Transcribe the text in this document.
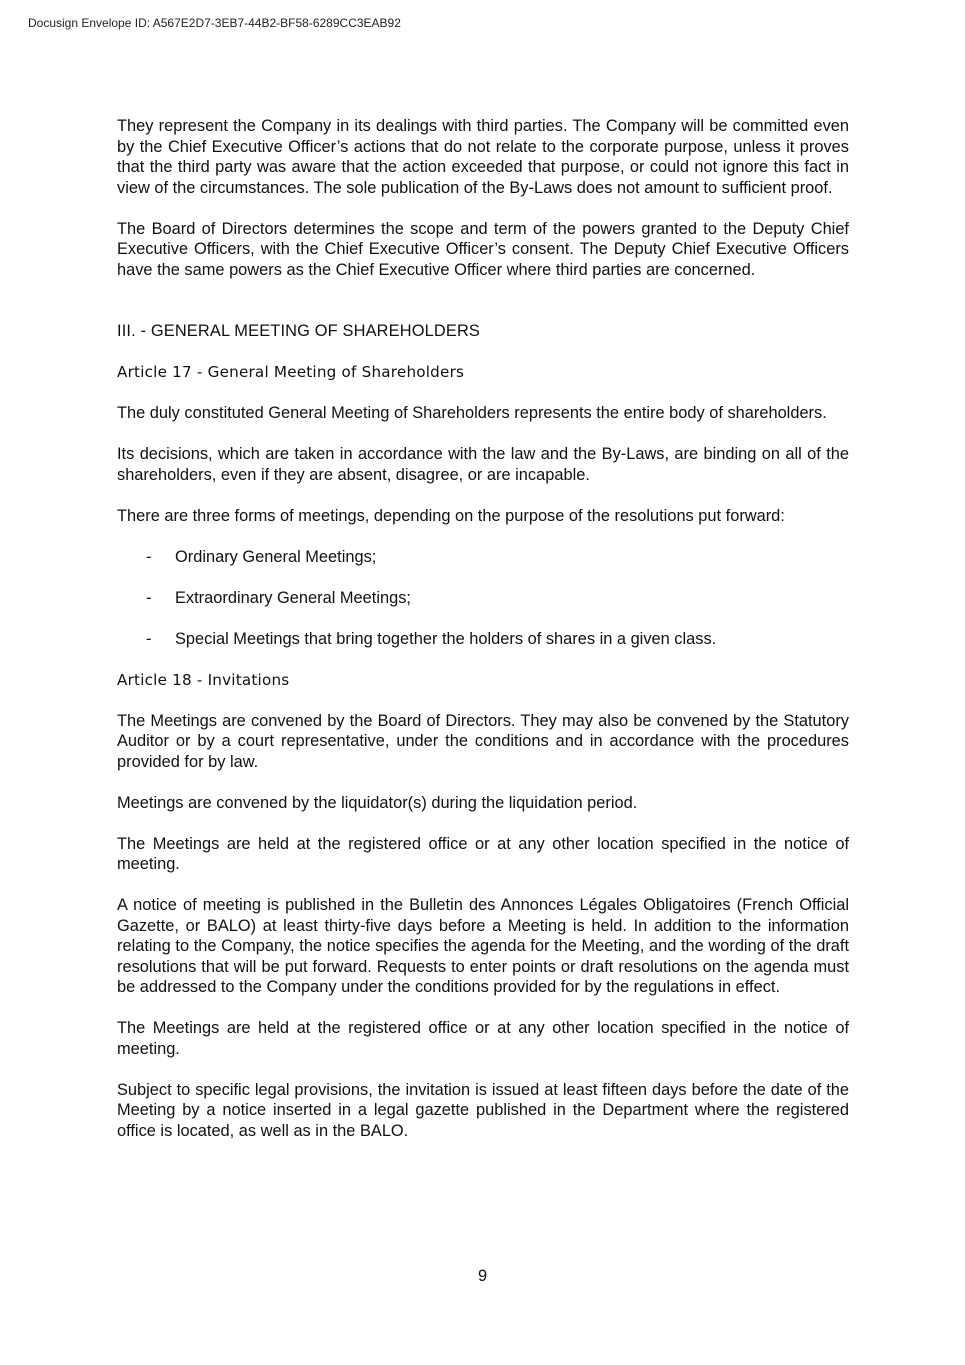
Docusign Envelope ID: A567E2D7-3EB7-44B2-BF58-6289CC3EAB92

They represent the Company in its dealings with third parties. The Company will be committed even by the Chief Executive Officer’s actions that do not relate to the corporate purpose, unless it proves that the third party was aware that the action exceeded that purpose, or could not ignore this fact in view of the circumstances. The sole publication of the By-Laws does not amount to sufficient proof.

The Board of Directors determines the scope and term of the powers granted to the Deputy Chief Executive Officers, with the Chief Executive Officer’s consent. The Deputy Chief Executive Officers have the same powers as the Chief Executive Officer where third parties are concerned.

III. - GENERAL MEETING OF SHAREHOLDERS
Article 17 - General Meeting of Shareholders

The duly constituted General Meeting of Shareholders represents the entire body of shareholders.

Its decisions, which are taken in accordance with the law and the By-Laws, are binding on all of the shareholders, even if they are absent, disagree, or are incapable.

There are three forms of meetings, depending on the purpose of the resolutions put forward:

- Ordinary General Meetings;
- Extraordinary General Meetings;
- Special Meetings that bring together the holders of shares in a given class.
Article 18 - Invitations

The Meetings are convened by the Board of Directors. They may also be convened by the Statutory Auditor or by a court representative, under the conditions and in accordance with the procedures provided for by law.

Meetings are convened by the liquidator(s) during the liquidation period.

The Meetings are held at the registered office or at any other location specified in the notice of meeting.

A notice of meeting is published in the Bulletin des Annonces Légales Obligatoires (French Official Gazette, or BALO) at least thirty-five days before a Meeting is held. In addition to the information relating to the Company, the notice specifies the agenda for the Meeting, and the wording of the draft resolutions that will be put forward. Requests to enter points or draft resolutions on the agenda must be addressed to the Company under the conditions provided for by the regulations in effect.

The Meetings are held at the registered office or at any other location specified in the notice of meeting.

Subject to specific legal provisions, the invitation is issued at least fifteen days before the date of the Meeting by a notice inserted in a legal gazette published in the Department where the registered office is located, as well as in the BALO.

9
